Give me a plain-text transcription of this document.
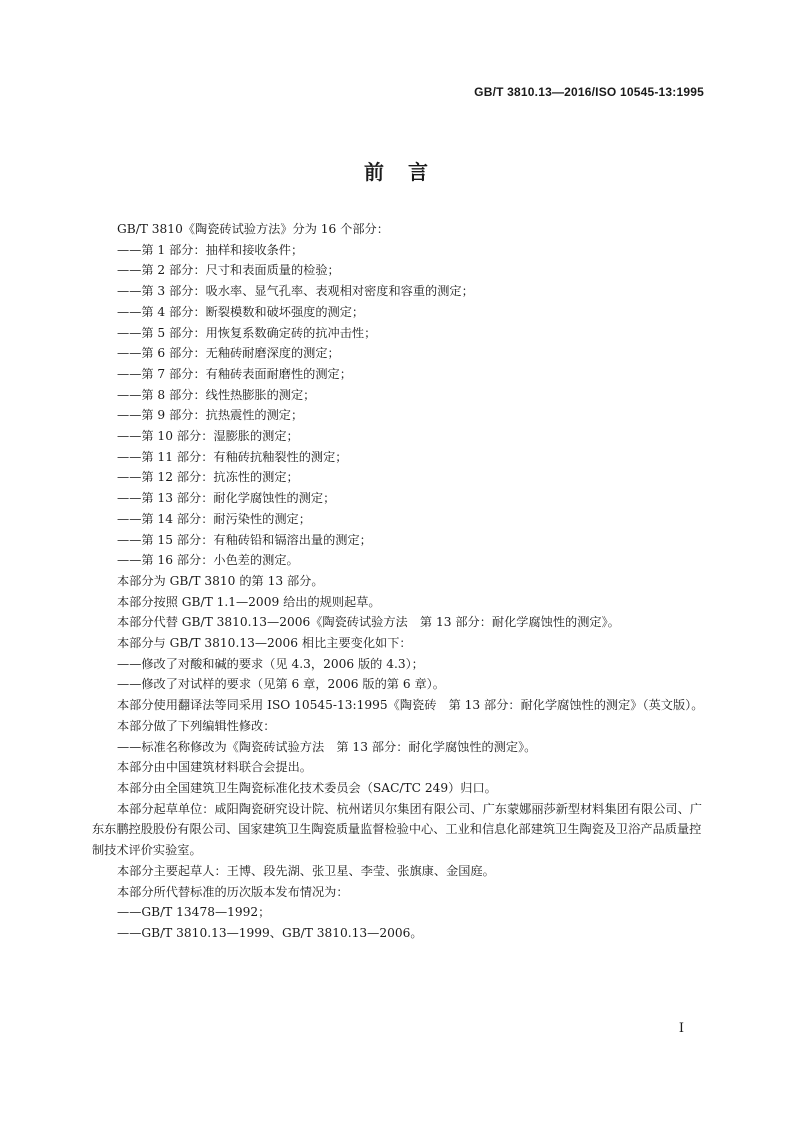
GB/T 3810.13—2016/ISO 10545-13:1995
前　言

GB/T 3810《陶瓷砖试验方法》分为 16 个部分：

——第 1 部分：抽样和接收条件；

——第 2 部分：尺寸和表面质量的检验；

——第 3 部分：吸水率、显气孔率、表观相对密度和容重的测定；

——第 4 部分：断裂模数和破坏强度的测定；

——第 5 部分：用恢复系数确定砖的抗冲击性；

——第 6 部分：无釉砖耐磨深度的测定；

——第 7 部分：有釉砖表面耐磨性的测定；

——第 8 部分：线性热膨胀的测定；

——第 9 部分：抗热震性的测定；

——第 10 部分：湿膨胀的测定；

——第 11 部分：有釉砖抗釉裂性的测定；

——第 12 部分：抗冻性的测定；

——第 13 部分：耐化学腐蚀性的测定；

——第 14 部分：耐污染性的测定；

——第 15 部分：有釉砖铅和镉溶出量的测定；

——第 16 部分：小色差的测定。

本部分为 GB/T 3810 的第 13 部分。

本部分按照 GB/T 1.1—2009 给出的规则起草。

本部分代替 GB/T 3810.13—2006《陶瓷砖试验方法　第 13 部分：耐化学腐蚀性的测定》。

本部分与 GB/T 3810.13—2006 相比主要变化如下：

——修改了对酸和碱的要求（见 4.3，2006 版的 4.3）；

——修改了对试样的要求（见第 6 章，2006 版的第 6 章）。

本部分使用翻译法等同采用 ISO 10545-13:1995《陶瓷砖　第 13 部分：耐化学腐蚀性的测定》（英文版）。

本部分做了下列编辑性修改：

——标准名称修改为《陶瓷砖试验方法　第 13 部分：耐化学腐蚀性的测定》。

本部分由中国建筑材料联合会提出。

本部分由全国建筑卫生陶瓷标准化技术委员会（SAC/TC 249）归口。

本部分起草单位：咸阳陶瓷研究设计院、杭州诺贝尔集团有限公司、广东蒙娜丽莎新型材料集团有限公司、广东东鹏控股股份有限公司、国家建筑卫生陶瓷质量监督检验中心、工业和信息化部建筑卫生陶瓷及卫浴产品质量控制技术评价实验室。

本部分主要起草人：王博、段先湖、张卫星、李莹、张旗康、金国庭。

本部分所代替标准的历次版本发布情况为：

——GB/T 13478—1992；

——GB/T 3810.13—1999、GB/T 3810.13—2006。

I
